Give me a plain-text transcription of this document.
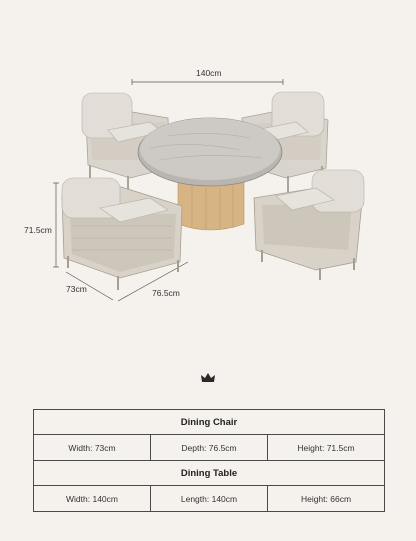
140cm
71.5cm
73cm	76.5cm
Dining Chair
Width: 73cm	Depth: 76.5cm	Height: 71.5cm
Dining Table
Width: 140cm	Length: 140cm	Height: 66cm
